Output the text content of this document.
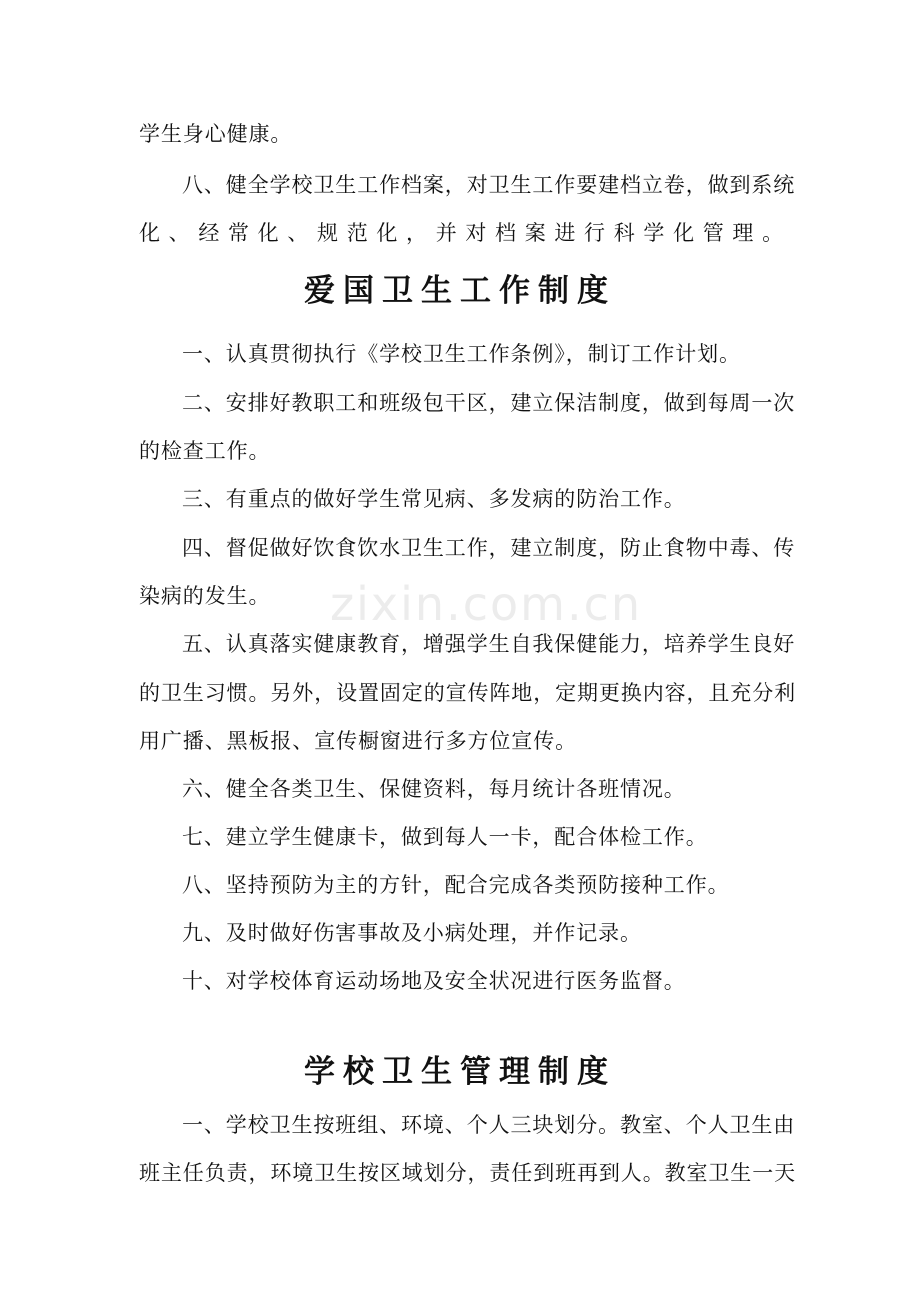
zixin.com.cn
学生身心健康。
八、健全学校卫生工作档案，对卫生工作要建档立卷，做到系统
化、经常化、规范化，并对档案进行科学化管理。
爱国卫生工作制度
一、认真贯彻执行《学校卫生工作条例》，制订工作计划。
二、安排好教职工和班级包干区，建立保洁制度，做到每周一次
的检查工作。
三、有重点的做好学生常见病、多发病的防治工作。
四、督促做好饮食饮水卫生工作，建立制度，防止食物中毒、传
染病的发生。
五、认真落实健康教育，增强学生自我保健能力，培养学生良好
的卫生习惯。另外，设置固定的宣传阵地，定期更换内容，且充分利
用广播、黑板报、宣传橱窗进行多方位宣传。
六、健全各类卫生、保健资料，每月统计各班情况。
七、建立学生健康卡，做到每人一卡，配合体检工作。
八、坚持预防为主的方针，配合完成各类预防接种工作。
九、及时做好伤害事故及小病处理，并作记录。
十、对学校体育运动场地及安全状况进行医务监督。
学校卫生管理制度
一、学校卫生按班组、环境、个人三块划分。教室、个人卫生由
班主任负责，环境卫生按区域划分，责任到班再到人。教室卫生一天
